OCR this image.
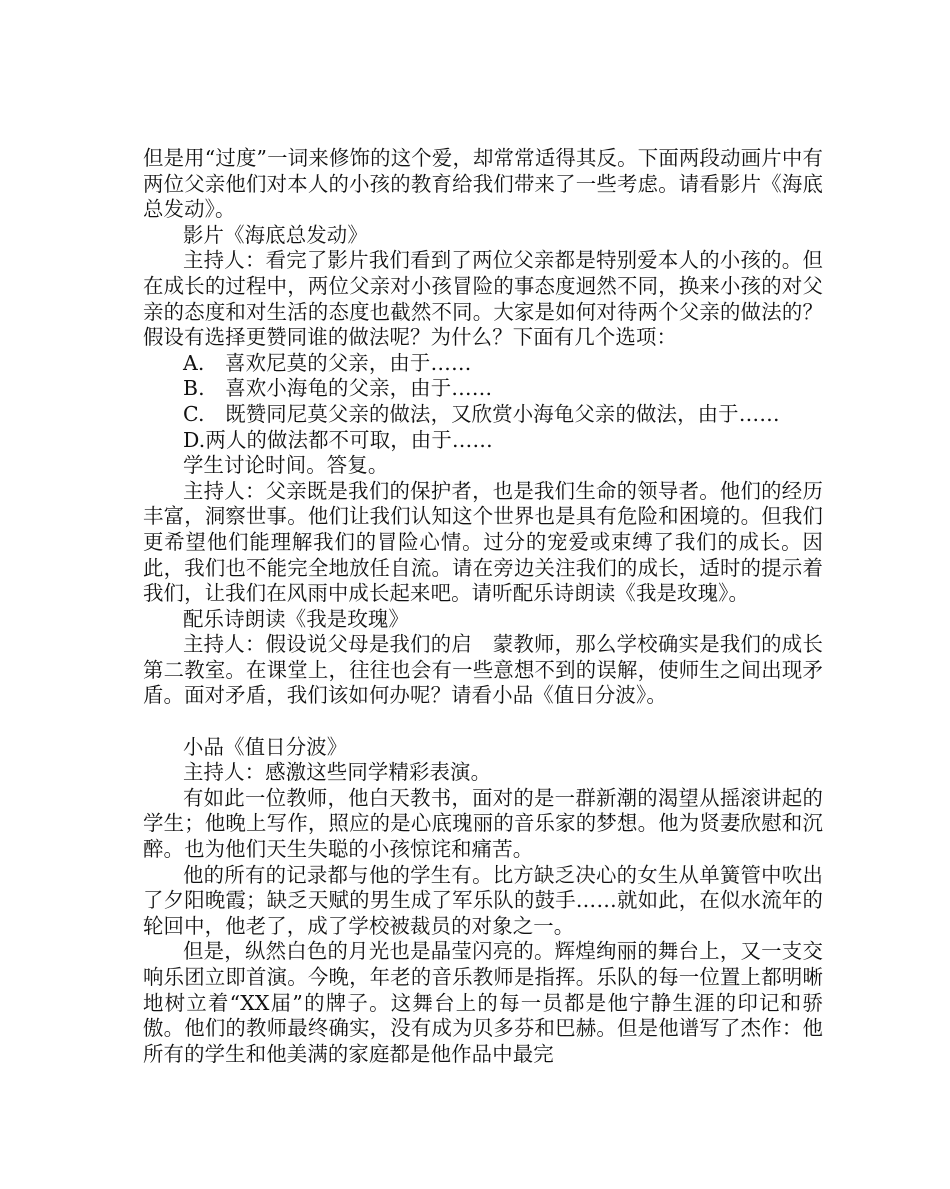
但是用“过度”一词来修饰的这个爱，却常常适得其反。下面两段动画片中有两位父亲他们对本人的小孩的教育给我们带来了一些考虑。请看影片《海底总发动》。

影片《海底总发动》

主持人：看完了影片我们看到了两位父亲都是特别爱本人的小孩的。但在成长的过程中，两位父亲对小孩冒险的事态度迥然不同，换来小孩的对父亲的态度和对生活的态度也截然不同。大家是如何对待两个父亲的做法的？假设有选择更赞同谁的做法呢？为什么？下面有几个选项：

A.　喜欢尼莫的父亲，由于……

B.　喜欢小海龟的父亲，由于……

C.　既赞同尼莫父亲的做法，又欣赏小海龟父亲的做法，由于……

D.两人的做法都不可取，由于……

学生讨论时间。答复。

主持人：父亲既是我们的保护者，也是我们生命的领导者。他们的经历丰富，洞察世事。他们让我们认知这个世界也是具有危险和困境的。但我们更希望他们能理解我们的冒险心情。过分的宠爱或束缚了我们的成长。因此，我们也不能完全地放任自流。请在旁边关注我们的成长，适时的提示着我们，让我们在风雨中成长起来吧。请听配乐诗朗读《我是玫瑰》。

配乐诗朗读《我是玫瑰》

主持人：假设说父母是我们的启　蒙教师，那么学校确实是我们的成长第二教室。在课堂上，往往也会有一些意想不到的误解，使师生之间出现矛盾。面对矛盾，我们该如何办呢？请看小品《值日分波》。

小品《值日分波》

主持人：感激这些同学精彩表演。

有如此一位教师，他白天教书，面对的是一群新潮的渴望从摇滚讲起的学生；他晚上写作，照应的是心底瑰丽的音乐家的梦想。他为贤妻欣慰和沉醉。也为他们天生失聪的小孩惊诧和痛苦。

他的所有的记录都与他的学生有。比方缺乏决心的女生从单簧管中吹出了夕阳晚霞；缺乏天赋的男生成了军乐队的鼓手……就如此，在似水流年的轮回中，他老了，成了学校被裁员的对象之一。

但是，纵然白色的月光也是晶莹闪亮的。辉煌绚丽的舞台上，又一支交响乐团立即首演。今晚，年老的音乐教师是指挥。乐队的每一位置上都明晰地树立着“XX届”的牌子。这舞台上的每一员都是他宁静生涯的印记和骄傲。他们的教师最终确实，没有成为贝多芬和巴赫。但是他谱写了杰作：他所有的学生和他美满的家庭都是他作品中最完
